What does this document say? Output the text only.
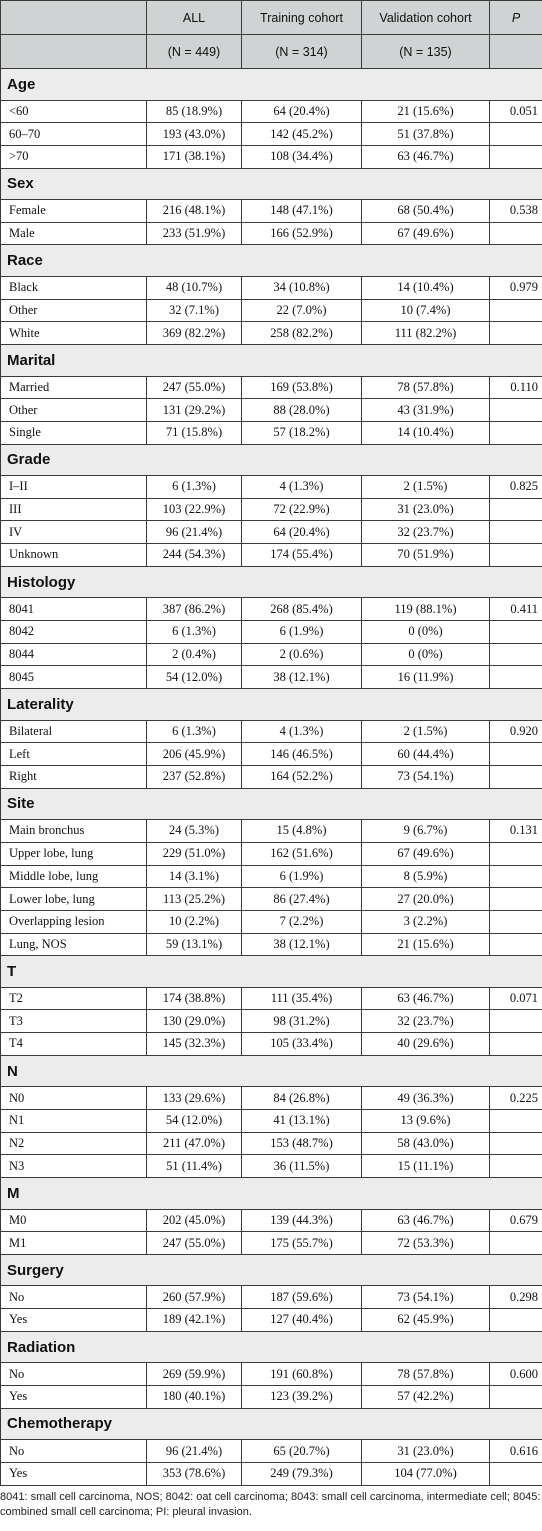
	ALL	Training cohort	Validation cohort	P
	(N = 449)	(N = 314)	(N = 135)	
Age				
<60	85 (18.9%)	64 (20.4%)	21 (15.6%)	0.051
60–70	193 (43.0%)	142 (45.2%)	51 (37.8%)	
>70	171 (38.1%)	108 (34.4%)	63 (46.7%)	
Sex				
Female	216 (48.1%)	148 (47.1%)	68 (50.4%)	0.538
Male	233 (51.9%)	166 (52.9%)	67 (49.6%)	
Race				
Black	48 (10.7%)	34 (10.8%)	14 (10.4%)	0.979
Other	32 (7.1%)	22 (7.0%)	10 (7.4%)	
White	369 (82.2%)	258 (82.2%)	111 (82.2%)	
Marital				
Married	247 (55.0%)	169 (53.8%)	78 (57.8%)	0.110
Other	131 (29.2%)	88 (28.0%)	43 (31.9%)	
Single	71 (15.8%)	57 (18.2%)	14 (10.4%)	
Grade				
I–II	6 (1.3%)	4 (1.3%)	2 (1.5%)	0.825
III	103 (22.9%)	72 (22.9%)	31 (23.0%)	
IV	96 (21.4%)	64 (20.4%)	32 (23.7%)	
Unknown	244 (54.3%)	174 (55.4%)	70 (51.9%)	
Histology				
8041	387 (86.2%)	268 (85.4%)	119 (88.1%)	0.411
8042	6 (1.3%)	6 (1.9%)	0 (0%)	
8044	2 (0.4%)	2 (0.6%)	0 (0%)	
8045	54 (12.0%)	38 (12.1%)	16 (11.9%)	
Laterality				
Bilateral	6 (1.3%)	4 (1.3%)	2 (1.5%)	0.920
Left	206 (45.9%)	146 (46.5%)	60 (44.4%)	
Right	237 (52.8%)	164 (52.2%)	73 (54.1%)	
Site				
Main bronchus	24 (5.3%)	15 (4.8%)	9 (6.7%)	0.131
Upper lobe, lung	229 (51.0%)	162 (51.6%)	67 (49.6%)	
Middle lobe, lung	14 (3.1%)	6 (1.9%)	8 (5.9%)	
Lower lobe, lung	113 (25.2%)	86 (27.4%)	27 (20.0%)	
Overlapping lesion	10 (2.2%)	7 (2.2%)	3 (2.2%)	
Lung, NOS	59 (13.1%)	38 (12.1%)	21 (15.6%)	
T				
T2	174 (38.8%)	111 (35.4%)	63 (46.7%)	0.071
T3	130 (29.0%)	98 (31.2%)	32 (23.7%)	
T4	145 (32.3%)	105 (33.4%)	40 (29.6%)	
N				
N0	133 (29.6%)	84 (26.8%)	49 (36.3%)	0.225
N1	54 (12.0%)	41 (13.1%)	13 (9.6%)	
N2	211 (47.0%)	153 (48.7%)	58 (43.0%)	
N3	51 (11.4%)	36 (11.5%)	15 (11.1%)	
M				
M0	202 (45.0%)	139 (44.3%)	63 (46.7%)	0.679
M1	247 (55.0%)	175 (55.7%)	72 (53.3%)	
Surgery				
No	260 (57.9%)	187 (59.6%)	73 (54.1%)	0.298
Yes	189 (42.1%)	127 (40.4%)	62 (45.9%)	
Radiation				
No	269 (59.9%)	191 (60.8%)	78 (57.8%)	0.600
Yes	180 (40.1%)	123 (39.2%)	57 (42.2%)	
Chemotherapy				
No	96 (21.4%)	65 (20.7%)	31 (23.0%)	0.616
Yes	353 (78.6%)	249 (79.3%)	104 (77.0%)	

8041: small cell carcinoma, NOS; 8042: oat cell carcinoma; 8043: small cell carcinoma, intermediate cell; 8045: combined small cell carcinoma; PI: pleural invasion.
